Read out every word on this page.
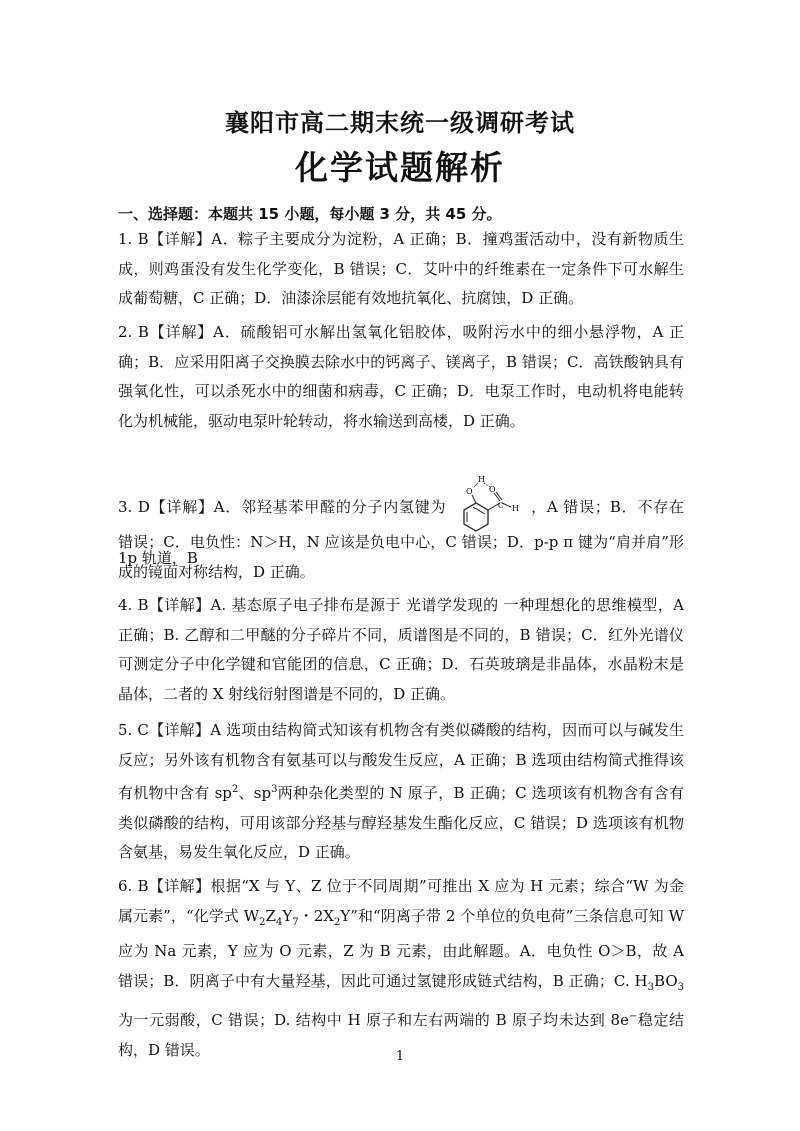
襄阳市高二期末统一级调研考试
化学试题解析
一、选择题：本题共 15 小题，每小题 3 分，共 45 分。
1. B【详解】A．粽子主要成分为淀粉，A 正确；B．撞鸡蛋活动中，没有新物质生成，则鸡蛋没有发生化学变化，B 错误；C．艾叶中的纤维素在一定条件下可水解生成葡萄糖，C 正确；D．油漆涂层能有效地抗氧化、抗腐蚀，D 正确。
2. B【详解】A．硫酸铝可水解出氢氧化铝胶体，吸附污水中的细小悬浮物，A 正确；B．应采用阳离子交换膜去除水中的钙离子、镁离子，B 错误；C．高铁酸钠具有强氧化性，可以杀死水中的细菌和病毒，C 正确；D．电泵工作时，电动机将电能转化为机械能，驱动电泵叶轮转动，将水输送到高楼，D 正确。
3. D【详解】A．邻羟基苯甲醛的分子内氢键为
H
O O
C H ，A 错误；B．不存在 1p 轨道，B
错误；C．电负性：N＞H，N 应该是负电中心，C 错误；D．p-p π 键为“肩并肩”形成的镜面对称结构，D 正确。
4. B【详解】A. 基态原子电子排布是源于 光谱学发现的 一种理想化的思维模型，A 正确；B. 乙醇和二甲醚的分子碎片不同，质谱图是不同的，B 错误；C．红外光谱仪可测定分子中化学键和官能团的信息，C 正确；D．石英玻璃是非晶体，水晶粉末是晶体，二者的 X 射线衍射图谱是不同的，D 正确。
5. C【详解】A 选项由结构简式知该有机物含有类似磷酸的结构，因而可以与碱发生反应；另外该有机物含有氨基可以与酸发生反应，A 正确；B 选项由结构简式推得该有机物中含有 $sp^2$、$sp^3$两种杂化类型的 N 原子，B 正确；C 选项该有机物含有含有类似磷酸的结构，可用该部分羟基与醇羟基发生酯化反应，C 错误；D 选项该有机物含氨基，易发生氧化反应，D 正确。
6. B【详解】根据“X 与 Y、Z 位于不同周期”可推出 X 应为 H 元素；综合“W 为金属元素”，“化学式 $W_2Z_4Y_7$・$2X_2Y$”和“阴离子带 2 个单位的负电荷”三条信息可知 W 应为 Na 元素，Y 应为 O 元素，Z 为 B 元素，由此解题。A．电负性 O＞B，故 A 错误；B．阴离子中有大量羟基，因此可通过氢键形成链式结构，B 正确；C. $H_3BO_3$为一元弱酸，C 错误；D. 结构中 H 原子和左右两端的 B 原子均未达到 8e−稳定结构，D 错误。	1
